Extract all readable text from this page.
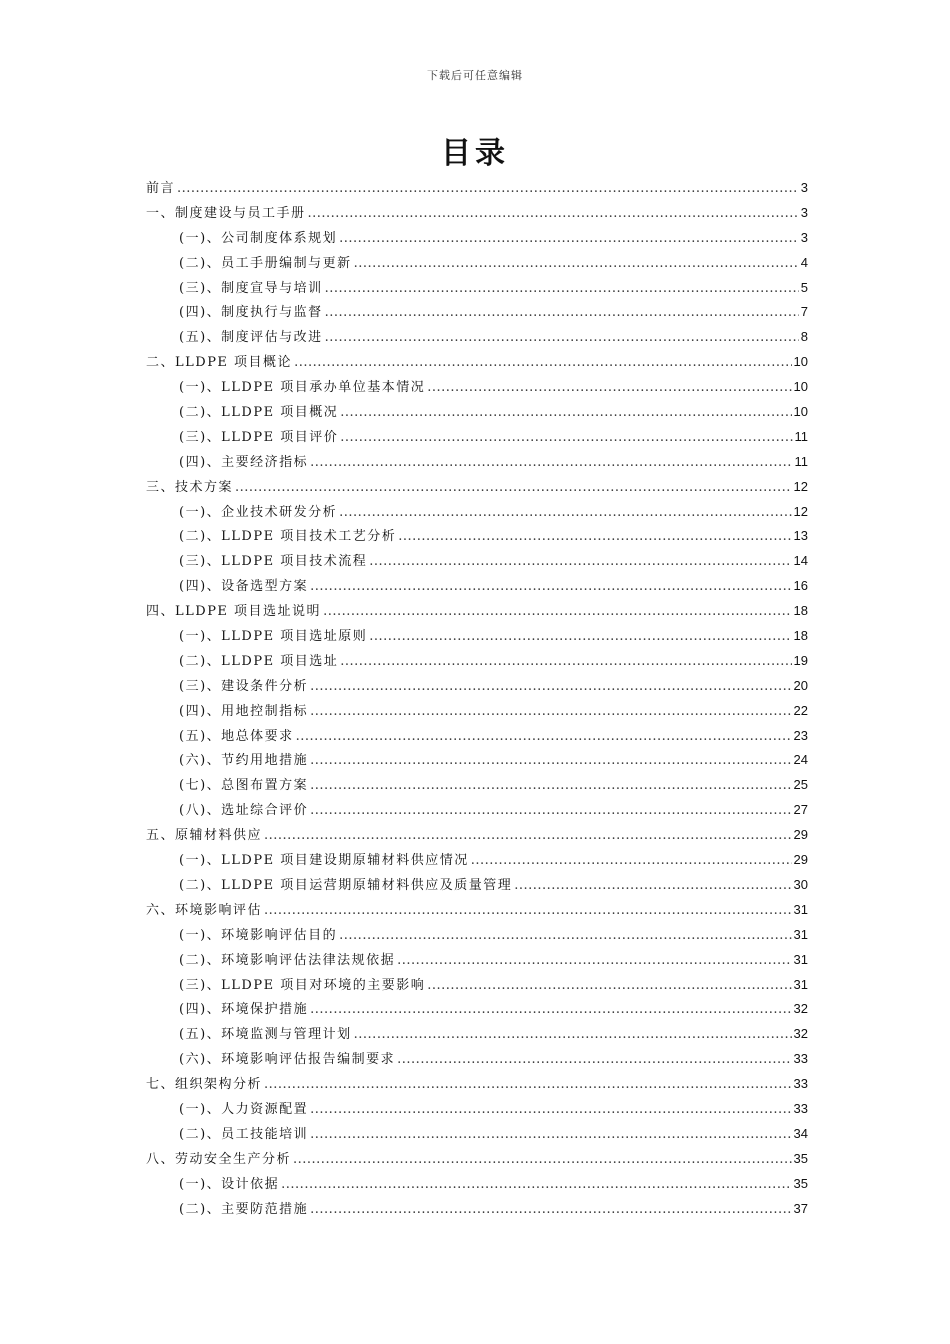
下载后可任意编辑
目录
前言 .....	3
一、制度建设与员工手册 .....	3
(一)、公司制度体系规划 .....	3
(二)、员工手册编制与更新 .....	4
(三)、制度宣导与培训 .....	5
(四)、制度执行与监督 .....	7
(五)、制度评估与改进 .....	8
二、LLDPE 项目概论 .....	10
(一)、LLDPE 项目承办单位基本情况 .....	10
(二)、LLDPE 项目概况 .....	10
(三)、LLDPE 项目评价 .....	11
(四)、主要经济指标 .....	11
三、技术方案 .....	12
(一)、企业技术研发分析 .....	12
(二)、LLDPE 项目技术工艺分析 .....	13
(三)、LLDPE 项目技术流程 .....	14
(四)、设备选型方案 .....	16
四、LLDPE 项目选址说明 .....	18
(一)、LLDPE 项目选址原则 .....	18
(二)、LLDPE 项目选址 .....	19
(三)、建设条件分析 .....	20
(四)、用地控制指标 .....	22
(五)、地总体要求 .....	23
(六)、节约用地措施 .....	24
(七)、总图布置方案 .....	25
(八)、选址综合评价 .....	27
五、原辅材料供应 .....	29
(一)、LLDPE 项目建设期原辅材料供应情况 .....	29
(二)、LLDPE 项目运营期原辅材料供应及质量管理 .....	30
六、环境影响评估 .....	31
(一)、环境影响评估目的 .....	31
(二)、环境影响评估法律法规依据 .....	31
(三)、LLDPE 项目对环境的主要影响 .....	31
(四)、环境保护措施 .....	32
(五)、环境监测与管理计划 .....	32
(六)、环境影响评估报告编制要求 .....	33
七、组织架构分析 .....	33
(一)、人力资源配置 .....	33
(二)、员工技能培训 .....	34
八、劳动安全生产分析 .....	35
(一)、设计依据 .....	35
(二)、主要防范措施 .....	37
